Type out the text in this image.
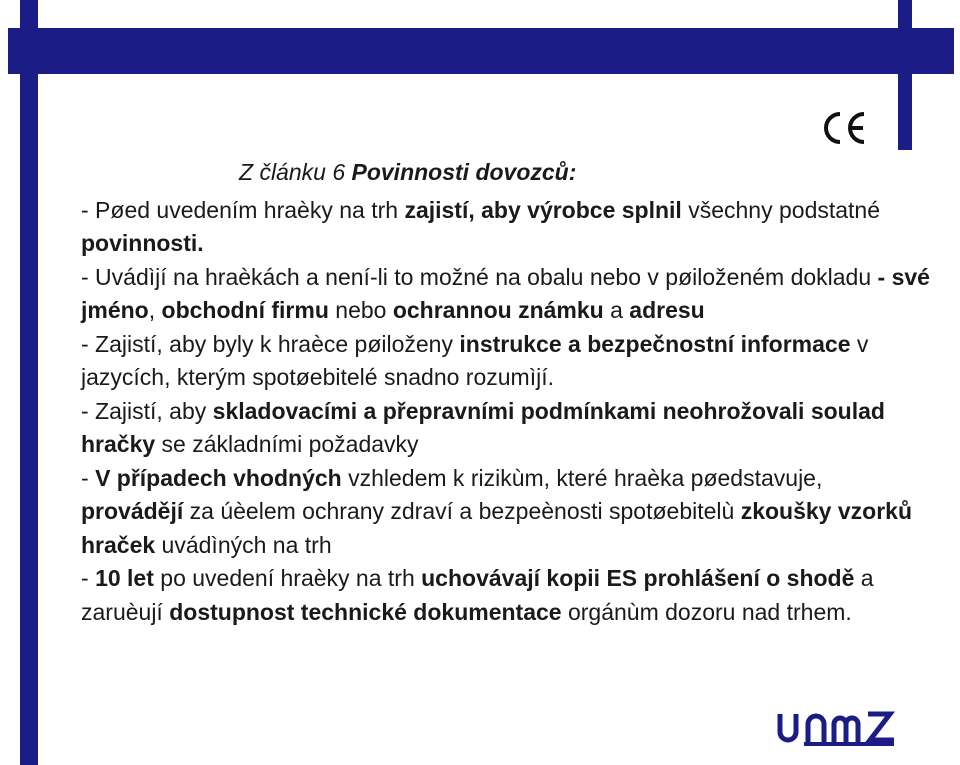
Z článku 6 Povinnosti dovozců:

- Pøed uvedením hraèky na trh zajistí, aby výrobce splnil všechny podstatné povinnosti.

- Uvádìjí na hraèkách a není-li to možné na obalu nebo v pøiloženém dokladu - své jméno, obchodní firmu nebo ochrannou známku a adresu

- Zajistí, aby byly k hraèce pøiloženy instrukce a bezpečnostní informace v jazycích, kterým spotøebitelé snadno rozumìjí.

- Zajistí, aby skladovacími a přepravními podmínkami neohrožovali soulad hračky se základními požadavky

- V případech vhodných vzhledem k rizikùm, které hraèka pøedstavuje, provádějí za úèelem ochrany zdraví a bezpeènosti spotøebitelù zkoušky vzorků hraček uvádìných na trh

- 10 let po uvedení hraèky na trh uchovávají kopii ES prohlášení o shodě a zaruèují dostupnost technické dokumentace orgánùm dozoru nad trhem.
